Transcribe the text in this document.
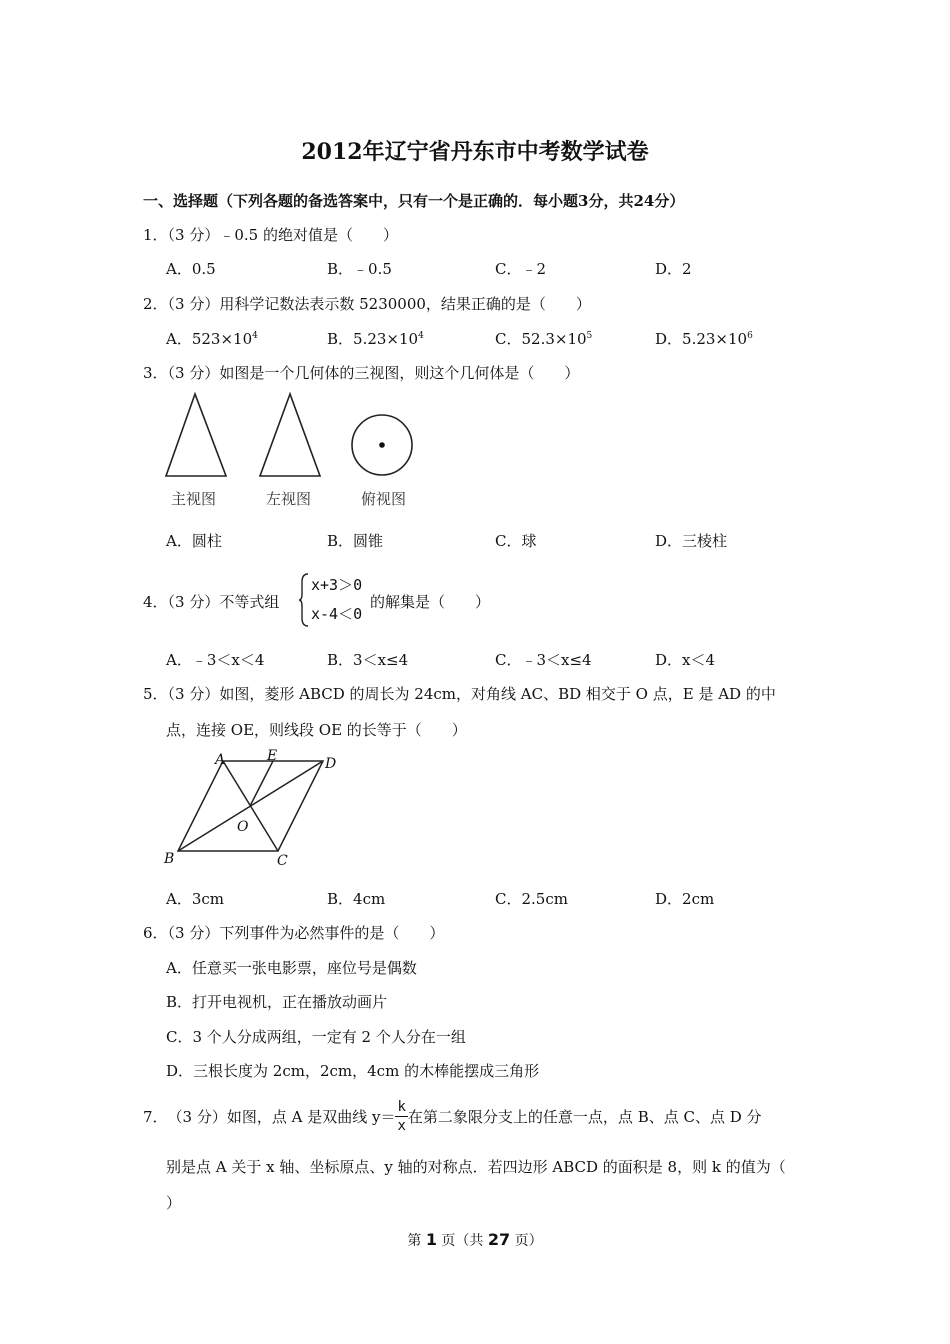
2012年辽宁省丹东市中考数学试卷
一、选择题（下列各题的备选答案中，只有一个是正确的．每小题3分，共24分）
1．（3 分）﹣0.5 的绝对值是（　　）
A．0.5	B．﹣0.5	C．﹣2	D．2
2．（3 分）用科学记数法表示数 5230000，结果正确的是（　　）
A．$523\times 10^4$	B．$5.23\times 10^4$	C．$52.3\times 10^5$	D．$5.23\times 10^6$
3．（3 分）如图是一个几何体的三视图，则这个几何体是（　　）
主视图	左视图	俯视图
A．圆柱	B．圆锥	C．球	D．三棱柱
4．（3 分）不等式组
x+3＞0
x-4＜0
的解集是（　　）
A．﹣3＜x＜4	B．3＜x≤4	C．﹣3＜x≤4	D．x＜4
5．（3 分）如图，菱形 ABCD 的周长为 24cm，对角线 AC、BD 相交于 O 点，E 是 AD 的中
点，连接 OE，则线段 OE 的长等于（　　）
A	E	D
O
B	C
A．3cm	B．4cm	C．2.5cm	D．2cm
6．（3 分）下列事件为必然事件的是（　　）
A．任意买一张电影票，座位号是偶数
B．打开电视机，正在播放动画片
C．3 个人分成两组，一定有 2 个人分在一组
D．三根长度为 2cm，2cm，4cm 的木棒能摆成三角形
7． （3 分） 如图，点 A 是双曲线 $y= \frac{k}{x}$ 在第二象限分支上的任意一点，点 B、点 C、点 D 分
别是点 A 关于 x 轴、坐标原点、y 轴的对称点．若四边形 ABCD 的面积是 8，则 k 的值为（
）
第 1 页（共 27 页）
